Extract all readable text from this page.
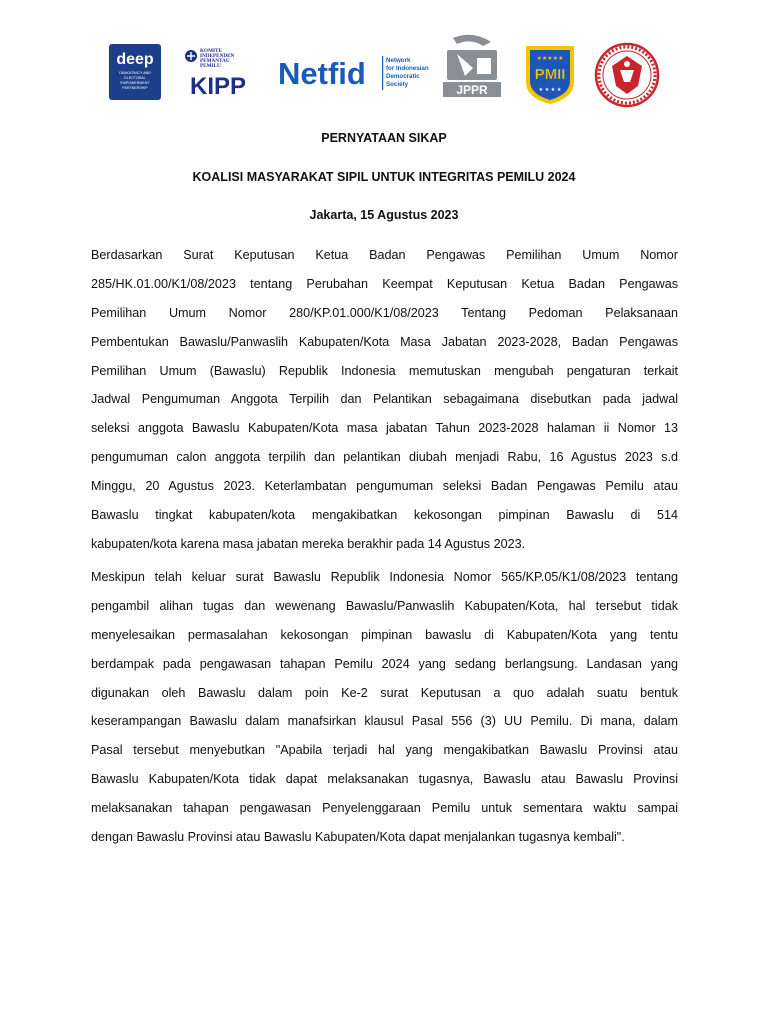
deep
DEMOCRACY AND
ELECTORAL
EMPOWERMENT
PARTNERSHIP
KOMITE
INDEPENDEN
PEMANTAU
PEMILU
KIPP Netfid	Network
for Indonesian
Democratic
Society	JPPR
★★★★★
PMII
★ ★ ★ ★
PERNYATAAN SIKAP
KOALISI MASYARAKAT SIPIL UNTUK INTEGRITAS PEMILU 2024
Jakarta, 15 Agustus 2023
Berdasarkan Surat Keputusan Ketua Badan Pengawas Pemilihan Umum Nomor
285/HK.01.00/K1/08/2023 tentang Perubahan Keempat Keputusan Ketua Badan Pengawas
Pemilihan Umum Nomor 280/KP.01.000/K1/08/2023 Tentang Pedoman Pelaksanaan
Pembentukan Bawaslu/Panwaslih Kabupaten/Kota Masa Jabatan 2023-2028, Badan Pengawas
Pemilihan Umum (Bawaslu) Republik Indonesia memutuskan mengubah pengaturan terkait
Jadwal Pengumuman Anggota Terpilih dan Pelantikan sebagaimana disebutkan pada jadwal
seleksi anggota Bawaslu Kabupaten/Kota masa jabatan Tahun 2023-2028 halaman ii Nomor 13
pengumuman calon anggota terpilih dan pelantikan diubah menjadi Rabu, 16 Agustus 2023 s.d
Minggu, 20 Agustus 2023. Keterlambatan pengumuman seleksi Badan Pengawas Pemilu atau
Bawaslu tingkat kabupaten/kota mengakibatkan kekosongan pimpinan Bawaslu di 514
kabupaten/kota karena masa jabatan mereka berakhir pada 14 Agustus 2023.
Meskipun telah keluar surat Bawaslu Republik Indonesia Nomor 565/KP.05/K1/08/2023 tentang
pengambil alihan tugas dan wewenang Bawaslu/Panwaslih Kabupaten/Kota, hal tersebut tidak
menyelesaikan permasalahan kekosongan pimpinan bawaslu di Kabupaten/Kota yang tentu
berdampak pada pengawasan tahapan Pemilu 2024 yang sedang berlangsung. Landasan yang
digunakan oleh Bawaslu dalam poin Ke-2 surat Keputusan a quo adalah suatu bentuk
keserampangan Bawaslu dalam manafsirkan klausul Pasal 556 (3) UU Pemilu. Di mana, dalam
Pasal tersebut menyebutkan "Apabila terjadi hal yang mengakibatkan Bawaslu Provinsi atau
Bawaslu Kabupaten/Kota tidak dapat melaksanakan tugasnya, Bawaslu atau Bawaslu Provinsi
melaksanakan tahapan pengawasan Penyelenggaraan Pemilu untuk sementara waktu sampai
dengan Bawaslu Provinsi atau Bawaslu Kabupaten/Kota dapat menjalankan tugasnya kembali".
